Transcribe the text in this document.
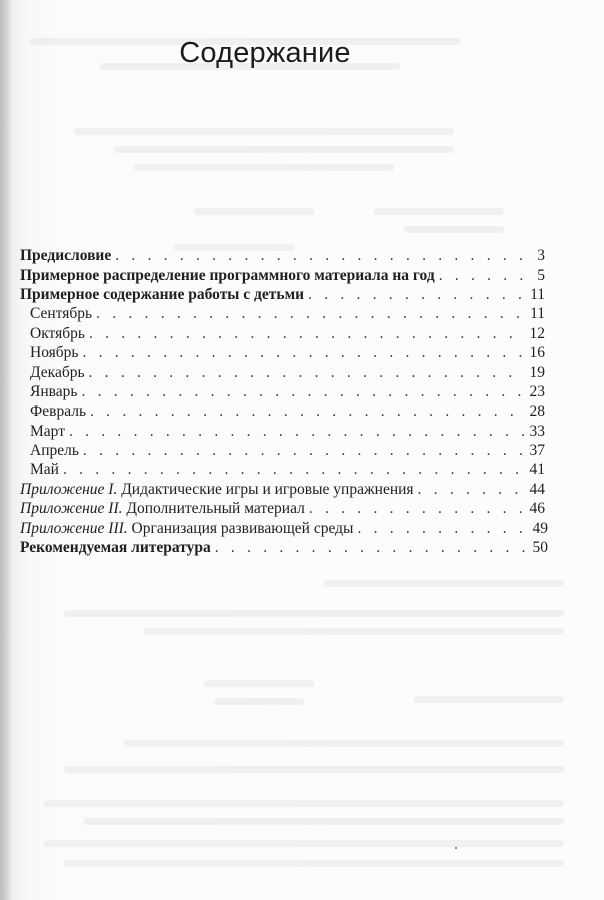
Содержание
Предисловие . . .	3
Примерное распределение программного материала на год . . .	5
Примерное содержание работы с детьми . . .	11
Сентябрь . . .	11
Октябрь . . .	12
Ноябрь . . .	16
Декабрь . . .	19
Январь . . .	23
Февраль . . .	28
Март . . .	33
Апрель . . .	37
Май . . .	41
Приложение I. Дидактические игры и игровые упражнения . . .	44
Приложение II. Дополнительный материал . . .	46
Приложение III. Организация развивающей среды . . .	49
Рекомендуемая литература . . .	50
